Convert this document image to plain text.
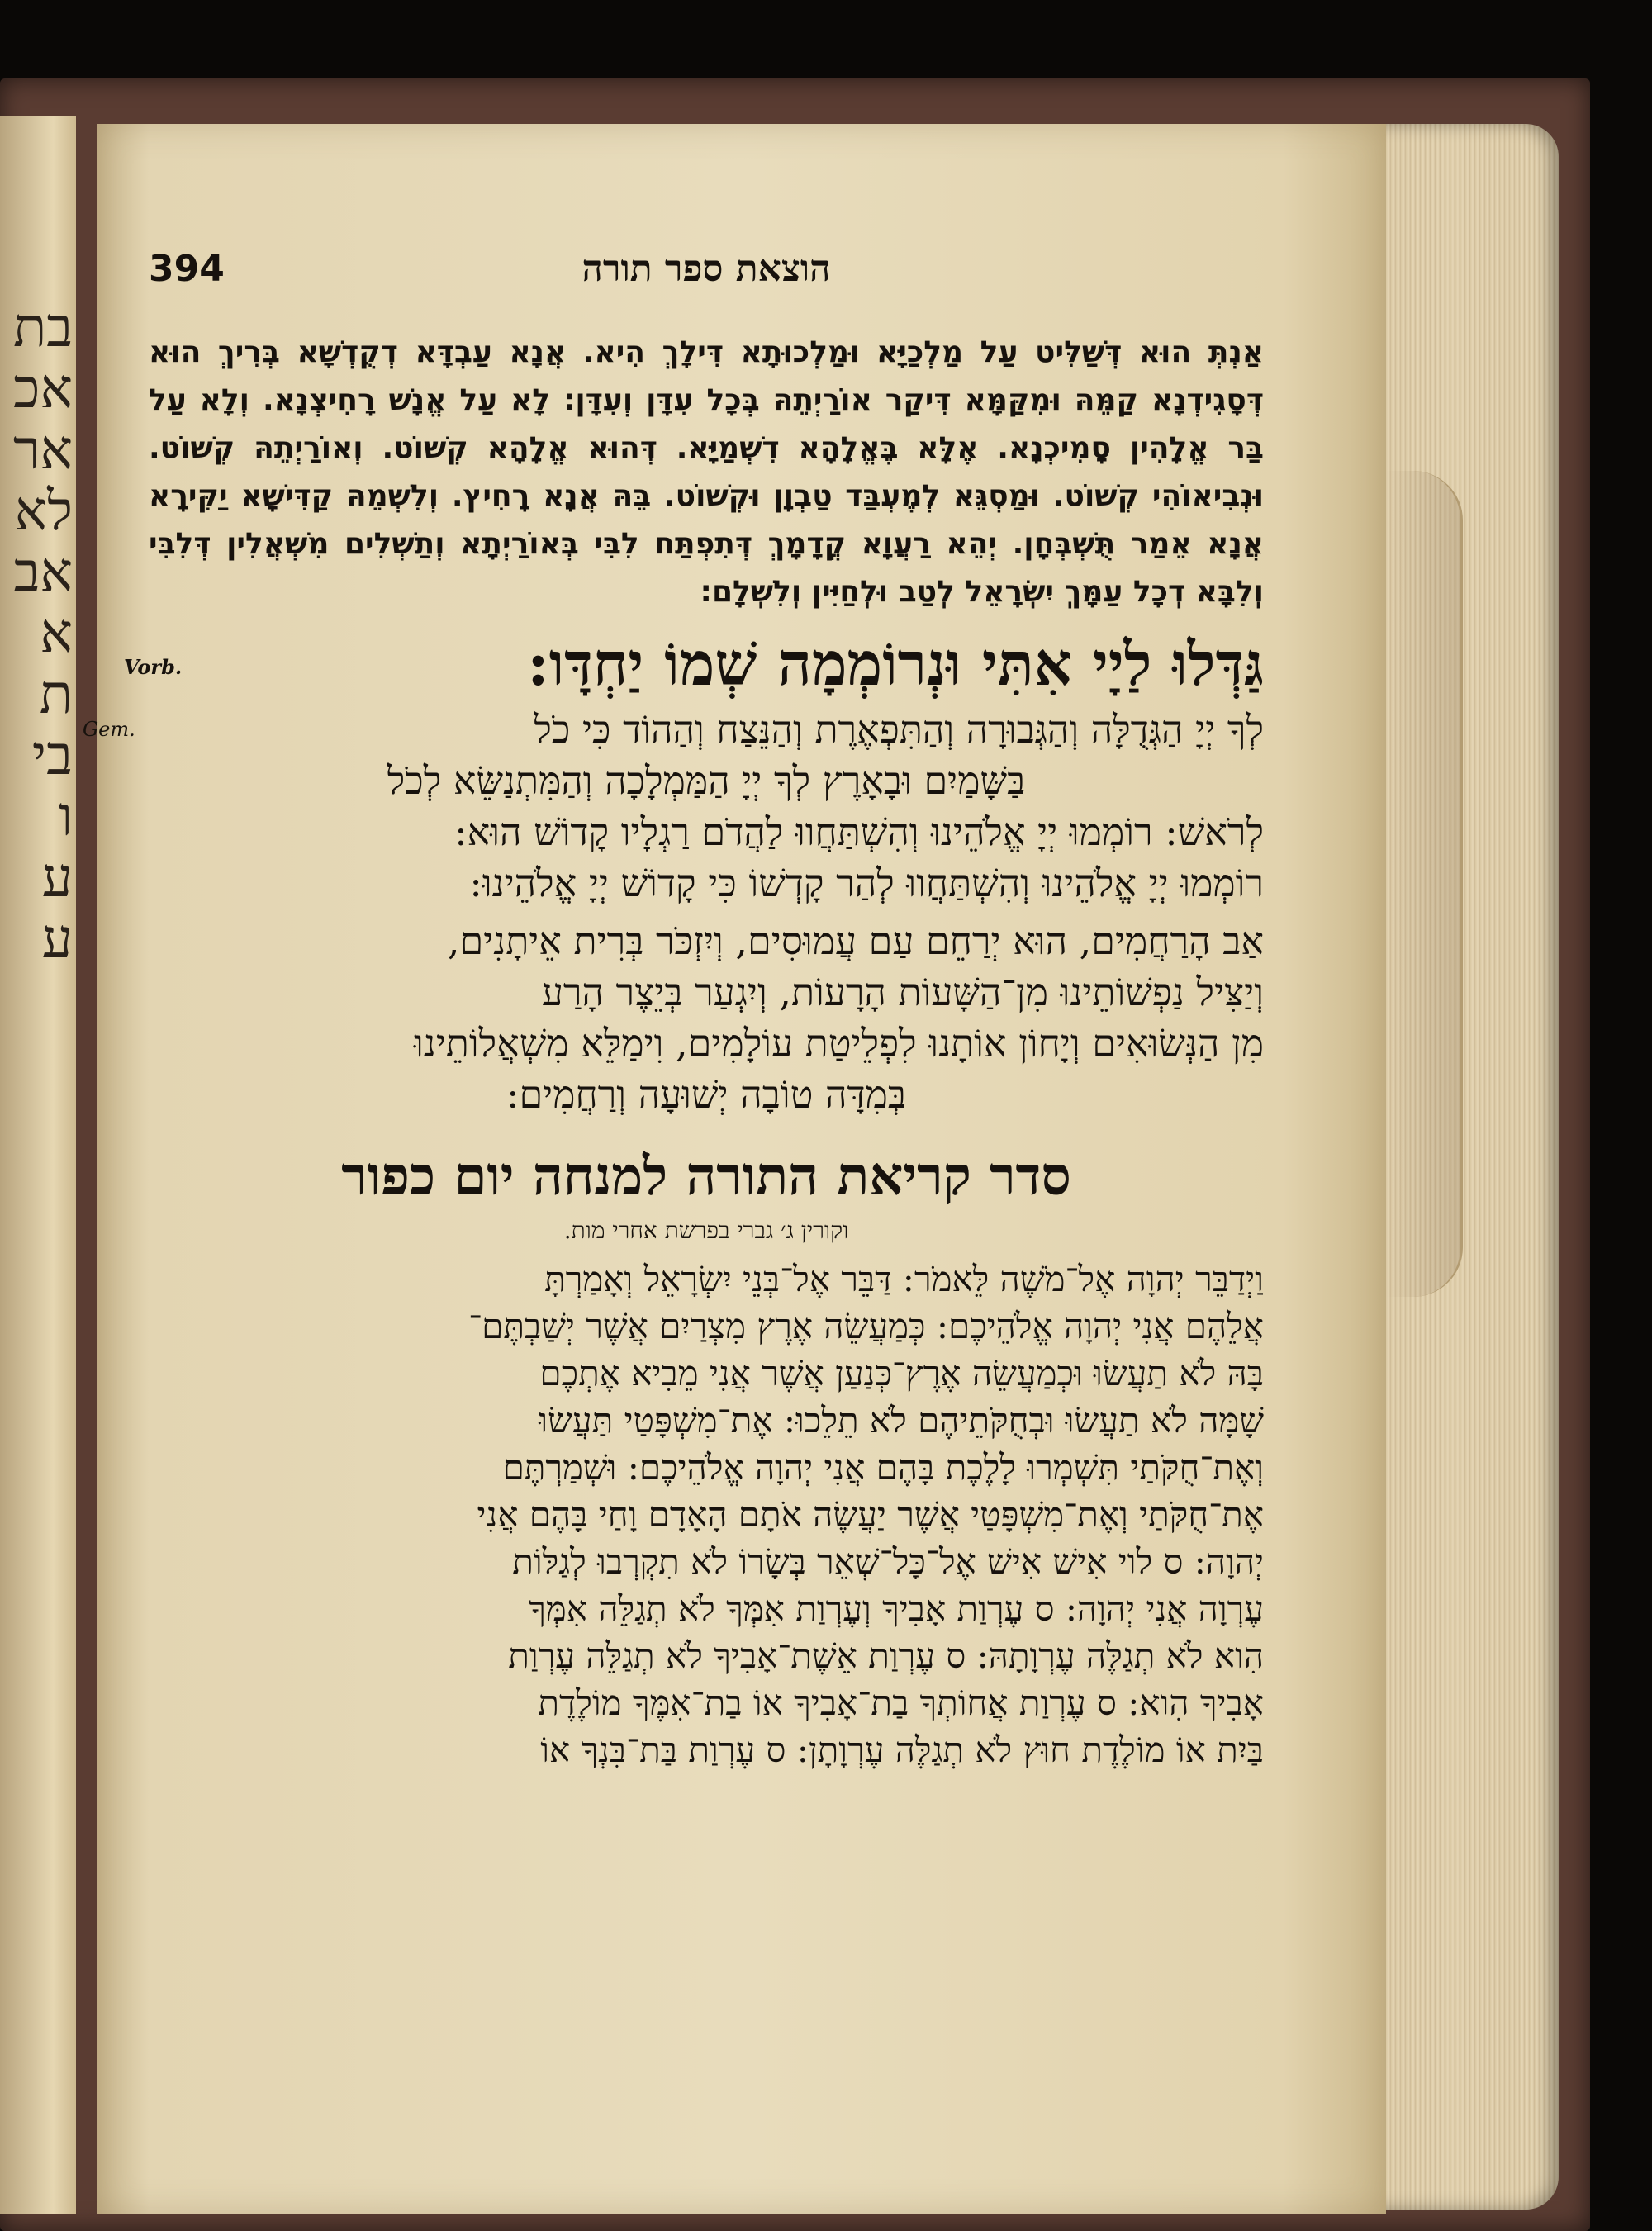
בת
אכ
אר
לא
אב
א
ת
בי
ו
ע
ע
394	הוצאת ספר תורה

אַנְתְּ הוּא דְּשַׁלִּיט עַל מַלְכַיָּא וּמַלְכוּתָא דִּילָךְ הִיא. אֲנָא עַבְדָּא דְקֻדְשָׁא בְּרִיךְ הוּא דְּסָגִידְנָא קַמֵּהּ וּמִקַּמָּא דִּיקַר אוֹרַיְתֵהּ בְּכָל עִדָּן וְעִדָּן: לָא עַל אֱנָשׁ רָחִיצְנָא. וְלָא עַל בַּר אֱלָהִין סָמִיכְנָא. אֶלָּא בֶּאֱלָהָא דִשְׁמַיָּא. דְּהוּא אֱלָהָא קְשׁוֹט. וְאוֹרַיְתֵהּ קְשׁוֹט. וּנְבִיאוֹהִי קְשׁוֹט. וּמַסְגֵּא לְמֶעְבַּד טַבְוָן וּקְשׁוֹט. בֵּהּ אֲנָא רָחִיץ. וְלִשְׁמֵהּ קַדִּישָׁא יַקִּירָא אֲנָא אֵמַר תֻּשְׁבְּחָן. יְהֵא רַעֲוָא קֳדָמָךְ דְּתִפְתַּח לִבִּי בְּאוֹרַיְתָא וְתַשְׁלִים מִשְׁאֲלִין דְּלִבִּי וְלִבָּא דְכָל עַמָּךְ יִשְׂרָאֵל לְטַב וּלְחַיִּין וְלִשְׁלָם:

Vorb.	גַּדְּלוּ לַיָי אִתִּי וּנְרוֹמְמָה שְׁמוֹ יַחְדָּו:

Gem.	לְךָ יְיָ הַגְּדֻלָּה וְהַגְּבוּרָה וְהַתִּפְאֶרֶת וְהַנֵּצַח וְהַהוֹד כִּי כֹל

בַּשָּׁמַיִם וּבָאָרֶץ לְךָ יְיָ הַמַּמְלָכָה וְהַמִּתְנַשֵּׂא לְכֹל

לְרֹאשׁ: רוֹמְמוּ יְיָ אֱלֹהֵינוּ וְהִשְׁתַּחֲווּ לַהֲדֹם רַגְלָיו קָדוֹשׁ הוּא:

רוֹמְמוּ יְיָ אֱלֹהֵינוּ וְהִשְׁתַּחֲווּ לְהַר קָדְשׁוֹ כִּי קָדוֹשׁ יְיָ אֱלֹהֵינוּ:

אַב הָרַחֲמִים, הוּא יְרַחֵם עַם עֲמוּסִים, וְיִזְכֹּר בְּרִית אֵיתָנִים,

וְיַצִּיל נַפְשׁוֹתֵינוּ מִן־הַשָּׁעוֹת הָרָעוֹת, וְיִגְעַר בְּיֵצֶר הָרַע

מִן הַנְּשׂוּאִים וְיָחוֹן אוֹתָנוּ לִפְלֵיטַת עוֹלָמִים, וִימַלֵּא מִשְׁאֲלוֹתֵינוּ

בְּמִדָּה טוֹבָה יְשׁוּעָה וְרַחֲמִים:

סדר קריאת התורה למנחה יום כפור
וקורין ג׳ גברי בפרשת אחרי מות.

וַיְדַבֵּר יְהוָה אֶל־מֹשֶׁה לֵּאמֹר: דַּבֵּר אֶל־בְּנֵי יִשְׂרָאֵל וְאָמַרְתָּ

אֲלֵהֶם אֲנִי יְהוָה אֱלֹהֵיכֶם: כְּמַעֲשֵׂה אֶרֶץ מִצְרַיִם אֲשֶׁר יְשַׁבְתֶּם־

בָּהּ לֹא תַעֲשׂוּ וּכְמַעֲשֵׂה אֶרֶץ־כְּנַעַן אֲשֶׁר אֲנִי מֵבִיא אֶתְכֶם

שָׁמָּה לֹא תַעֲשׂוּ וּבְחֻקֹּתֵיהֶם לֹא תֵלֵכוּ: אֶת־מִשְׁפָּטַי תַּעֲשׂוּ

וְאֶת־חֻקֹּתַי תִּשְׁמְרוּ לָלֶכֶת בָּהֶם אֲנִי יְהוָה אֱלֹהֵיכֶם: וּשְׁמַרְתֶּם

אֶת־חֻקֹּתַי וְאֶת־מִשְׁפָּטַי אֲשֶׁר יַעֲשֶׂה אֹתָם הָאָדָם וָחַי בָּהֶם אֲנִי

יְהוָה: ס לוי אִישׁ אִישׁ אֶל־כָּל־שְׁאֵר בְּשָׂרוֹ לֹא תִקְרְבוּ לְגַלּוֹת

עֶרְוָה אֲנִי יְהוָה: ס עֶרְוַת אָבִיךָ וְעֶרְוַת אִמְּךָ לֹא תְגַלֵּה אִמְּךָ

הִוא לֹא תְגַלֶּה עֶרְוָתָהּ: ס עֶרְוַת אֵשֶׁת־אָבִיךָ לֹא תְגַלֵּה עֶרְוַת

אָבִיךָ הִוא: ס עֶרְוַת אֲחוֹתְךָ בַת־אָבִיךָ אוֹ בַת־אִמֶּךָ מוֹלֶדֶת

בַּיִת אוֹ מוֹלֶדֶת חוּץ לֹא תְגַלֶּה עֶרְוָתָן: ס עֶרְוַת בַּת־בִּנְךָ אוֹ
